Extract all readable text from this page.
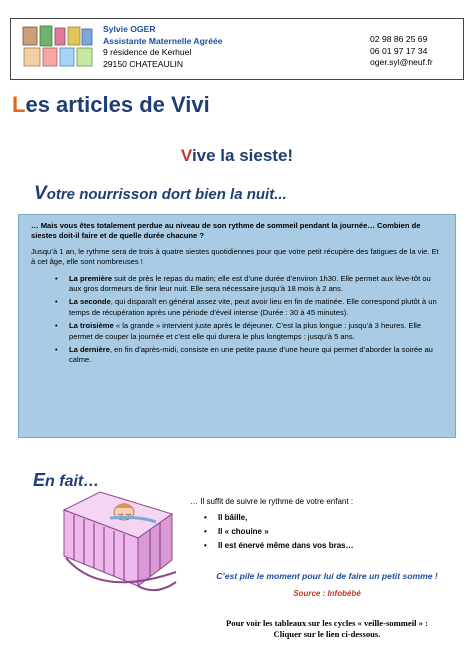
Sylvie OGER
Assistante Maternelle Agréée
9 résidence de Kerhuel
29150 CHATEAULIN
02 98 86 25 69
06 01 97 17 34
oger.syl@neuf.fr
Les articles de Vivi
Vive la sieste!
Votre nourrisson dort bien la nuit...
… Mais vous êtes totalement perdue au niveau de son rythme de sommeil pendant la journée… Combien de siestes doit-il faire et de quelle durée chacune ?
Jusqu’à 1 an, le rythme sera de trois à quatre siestes quotidiennes pour que votre petit récupère des fatigues de la vie. Et à cet âge, elle sont nombreuses !
• La première suit de près le repas du matin; elle est d’une durée d’environ 1h30. Elle permet aux lève-tôt ou aux gros dormeurs de finir leur nuit. Elle sera nécessaire jusqu’à 18 mois à 2 ans.
• La seconde, qui disparaît en général assez vite, peut avoir lieu en fin de matinée. Elle correspond plutôt à un temps de récupération après une période d’éveil intense (Durée : 30 à 45 minutes).
• La troisième « la grande » intervient juste après le déjeuner. C’est la plus longue : jusqu’à 3 heures. Elle permet de couper la journée et c’est elle qui durera le plus longtemps : jusqu’à 5 ans.
• La dernière, en fin d’après-midi, consiste en une petite pause d’une heure qui permet d’aborder la soirée au calme.
En fait…
… Il suffit de suivre le rythme de votre enfant :
• Il bâille,
• Il « chouine »
• Il est énervé même dans vos bras…
C’est pile le moment pour lui de faire un petit somme !
Source : Infobébé
Pour voir les tableaux sur les cycles « veille-sommeil » :
Cliquer sur le lien ci-dessous.
